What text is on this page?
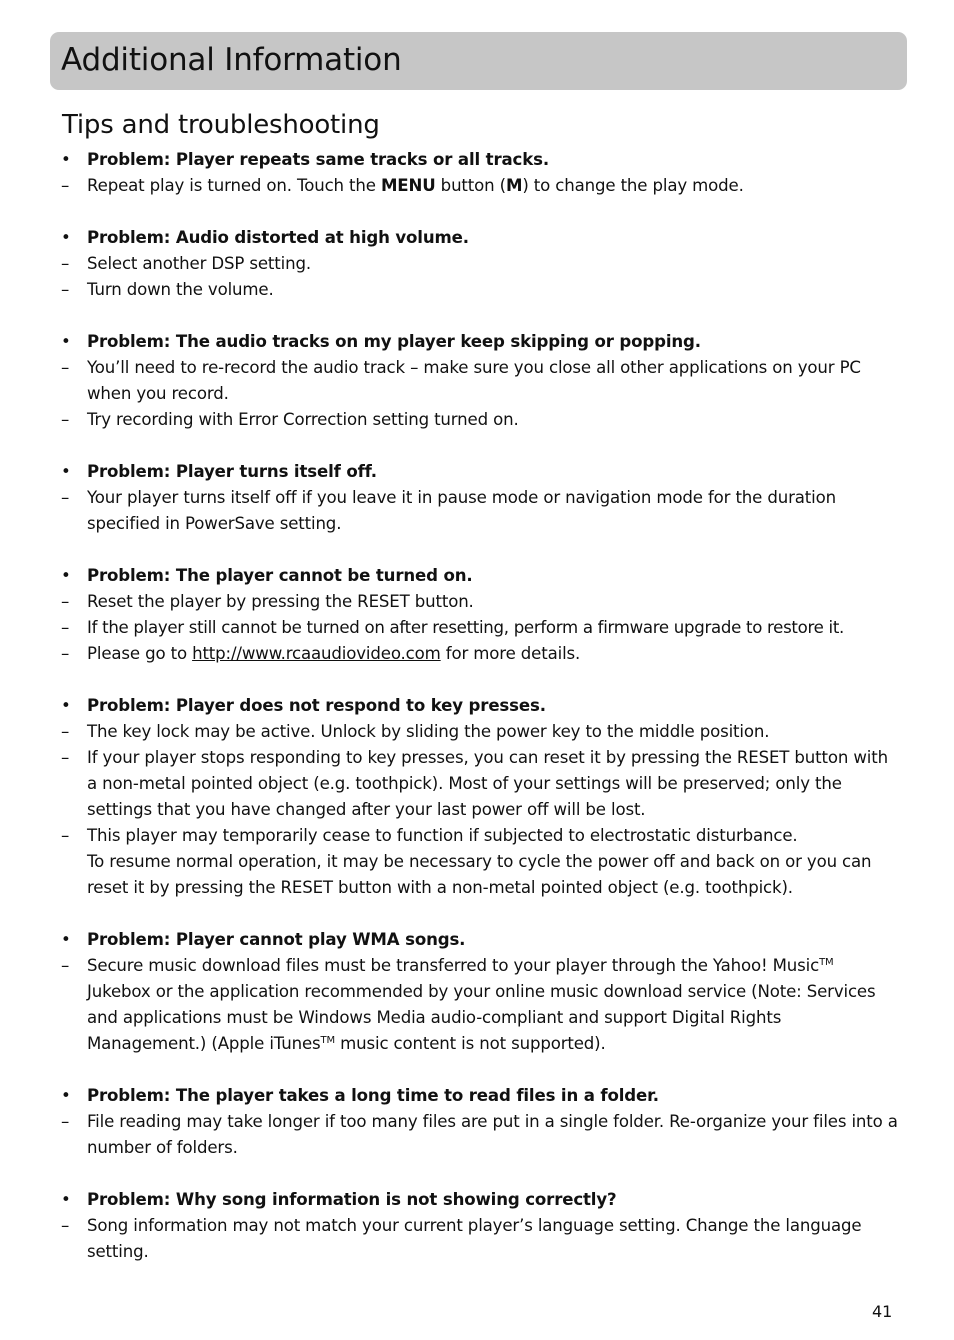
Additional Information
Tips and troubleshooting
• Problem: Player repeats same tracks or all tracks.
–	Repeat play is turned on. Touch the MENU button (M) to change the play mode.
• Problem: Audio distorted at high volume.
–	Select another DSP setting.
–	Turn down the volume.
• Problem: The audio tracks on my player keep skipping or popping.
–	You’ll need to re-record the audio track – make sure you close all other applications on your PC when you record.
–	Try recording with Error Correction setting turned on.
• Problem: Player turns itself off.
–	Your player turns itself off if you leave it in pause mode or navigation mode for the duration specified in PowerSave setting.
• Problem: The player cannot be turned on.
–	Reset the player by pressing the RESET button.
–	If the player still cannot be turned on after resetting, perform a firmware upgrade to restore it.
–	Please go to http://www.rcaaudiovideo.com for more details.
• Problem: Player does not respond to key presses.
–	The key lock may be active. Unlock by sliding the power key to the middle position.
–	If your player stops responding to key presses, you can reset it by pressing the RESET button with a non-metal pointed object (e.g. toothpick). Most of your settings will be preserved; only the settings that you have changed after your last power off will be lost.
–	This player may temporarily cease to function if subjected to electrostatic disturbance.
To resume normal operation, it may be necessary to cycle the power off and back on or you can reset it by pressing the RESET button with a non-metal pointed object (e.g. toothpick).
• Problem: Player cannot play WMA songs.
–	Secure music download files must be transferred to your player through the Yahoo! Music™ Jukebox or the application recommended by your online music download service (Note: Services and applications must be Windows Media audio-compliant and support Digital Rights Management.) (Apple iTunes™ music content is not supported).
• Problem: The player takes a long time to read files in a folder.
–	File reading may take longer if too many files are put in a single folder. Re-organize your files into a number of folders.
• Problem: Why song information is not showing correctly?
–	Song information may not match your current player’s language setting. Change the language setting.
41
